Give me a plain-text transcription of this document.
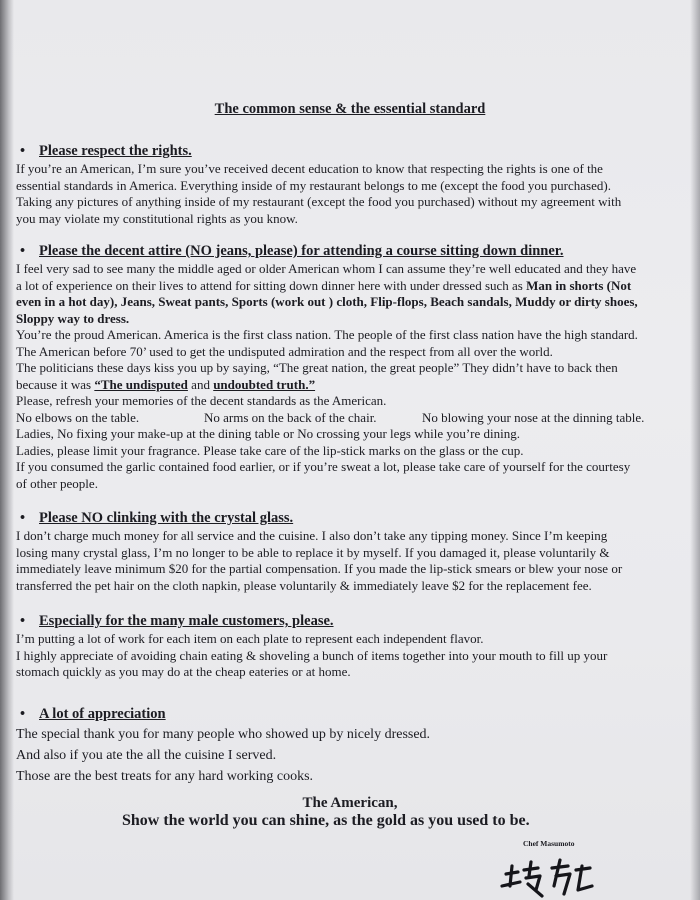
The common sense & the essential standard
• Please respect the rights.

If you’re an American, I’m sure you’ve received decent education to know that respecting the rights is one of the

essential standards in America. Everything inside of my restaurant belongs to me (except the food you purchased).

Taking any pictures of anything inside of my restaurant (except the food you purchased) without my agreement with

you may violate my constitutional rights as you know.

• Please the decent attire (NO jeans, please) for attending a course sitting down dinner.

I feel very sad to see many the middle aged or older American whom I can assume they’re well educated and they have

a lot of experience on their lives to attend for sitting down dinner here with under dressed such as Man in shorts (Not

even in a hot day), Jeans, Sweat pants, Sports (work out ) cloth, Flip-flops, Beach sandals, Muddy or dirty shoes,

Sloppy way to dress.

You’re the proud American. America is the first class nation. The people of the first class nation have the high standard.

The American before 70’ used to get the undisputed admiration and the respect from all over the world.

The politicians these days kiss you up by saying, “The great nation, the great people” They didn’t have to back then

because it was “The undisputed and undoubted truth.”

Please, refresh your memories of the decent standards as the American.

No elbows on the table.	No arms on the back of the chair.	No blowing your nose at the dinning table.

Ladies, No fixing your make-up at the dining table or No crossing your legs while you’re dining.

Ladies, please limit your fragrance. Please take care of the lip-stick marks on the glass or the cup.

If you consumed the garlic contained food earlier, or if you’re sweat a lot, please take care of yourself for the courtesy

of other people.

• Please NO clinking with the crystal glass.

I don’t charge much money for all service and the cuisine. I also don’t take any tipping money. Since I’m keeping

losing many crystal glass, I’m no longer to be able to replace it by myself. If you damaged it, please voluntarily &

immediately leave minimum $20 for the partial compensation. If you made the lip-stick smears or blew your nose or

transferred the pet hair on the cloth napkin, please voluntarily & immediately leave $2 for the replacement fee.

• Especially for the many male customers, please.

I’m putting a lot of work for each item on each plate to represent each independent flavor.

I highly appreciate of avoiding chain eating & shoveling a bunch of items together into your mouth to fill up your

stomach quickly as you may do at the cheap eateries or at home.

• A lot of appreciation

The special thank you for many people who showed up by nicely dressed.

And also if you ate the all the cuisine I served.

Those are the best treats for any hard working cooks.

The American,
Show the world you can shine, as the gold as you used to be.
Chef Masumoto
